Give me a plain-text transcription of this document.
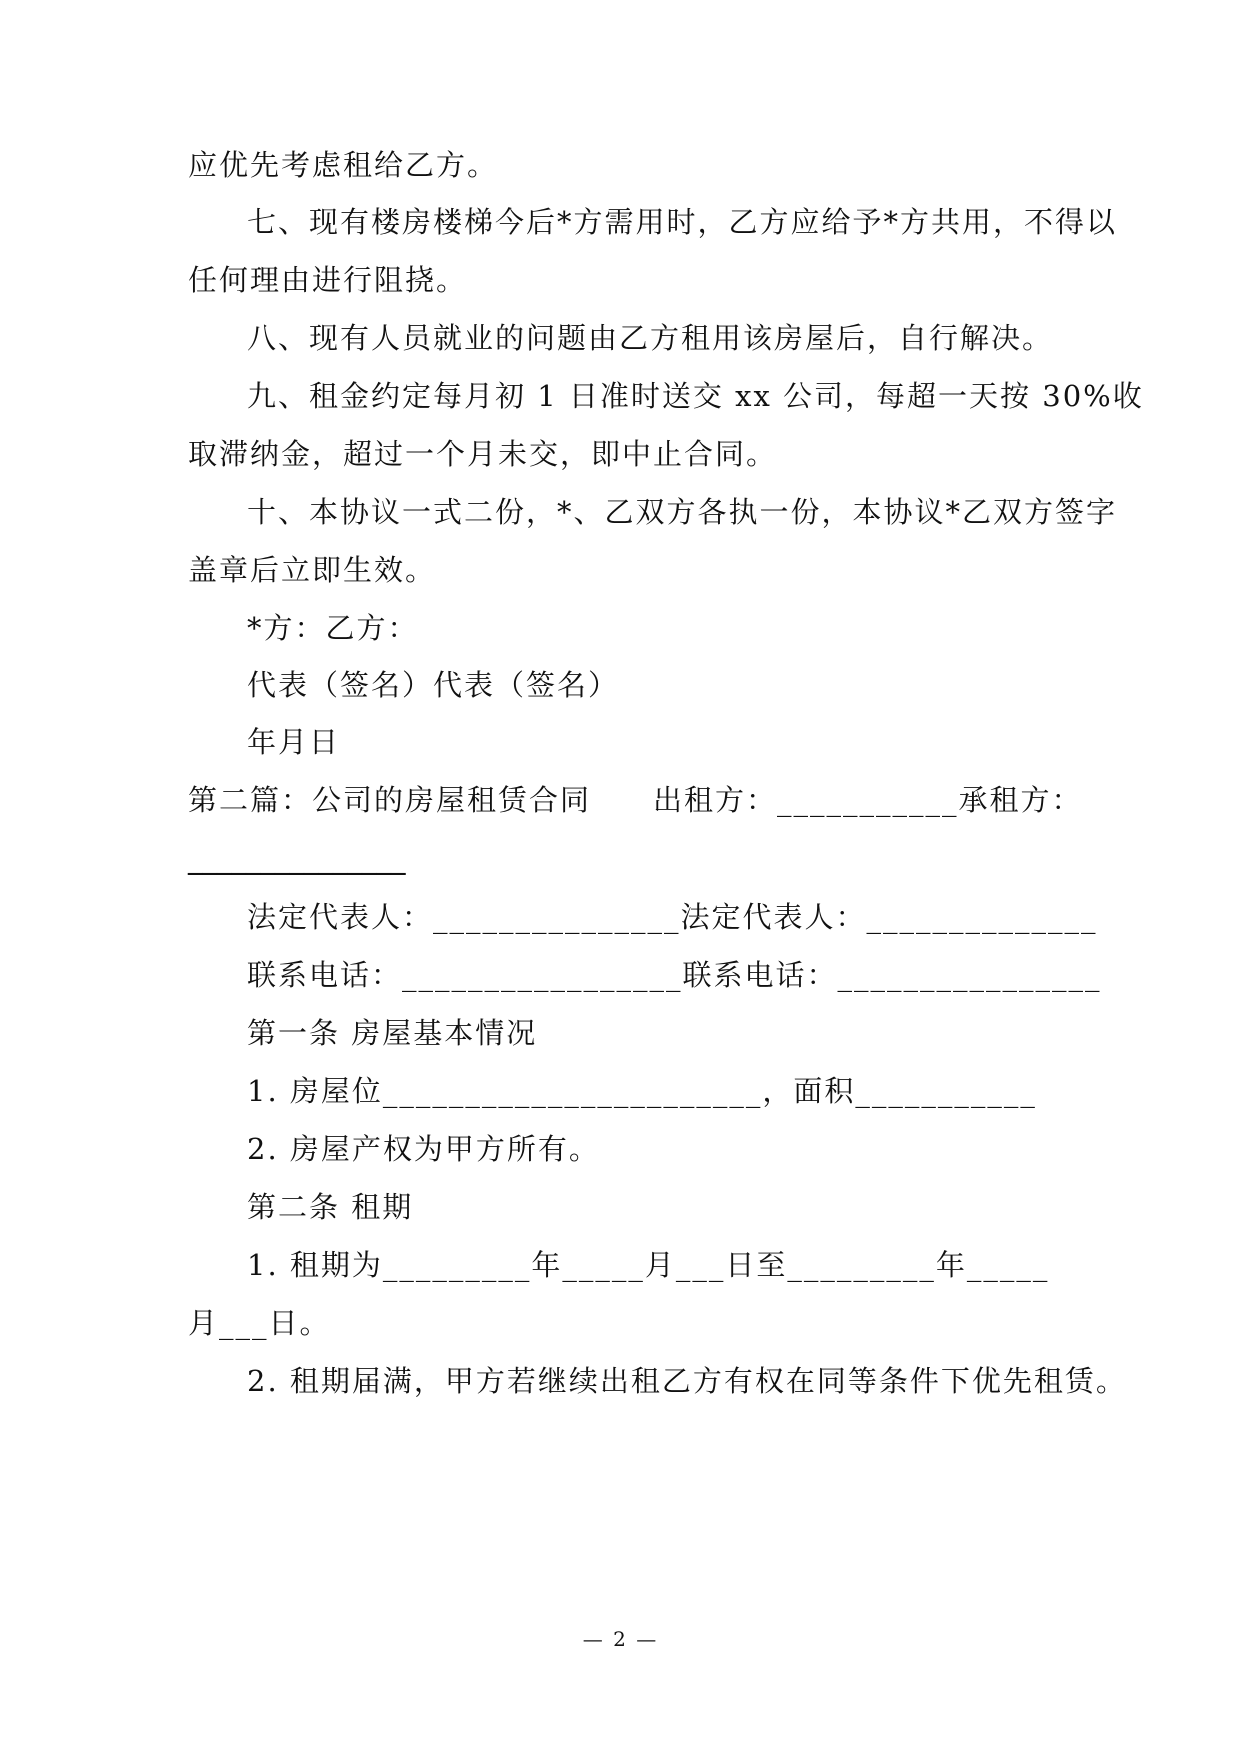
应优先考虑租给乙方。
七、现有楼房楼梯今后*方需用时，乙方应给予*方共用，不得以
任何理由进行阻挠。
八、现有人员就业的问题由乙方租用该房屋后，自行解决。
九、租金约定每月初 1 日准时送交 xx 公司，每超一天按 30%收
取滞纳金，超过一个月未交，即中止合同。
十、本协议一式二份，*、乙双方各执一份，本协议*乙双方签字
盖章后立即生效。
*方：乙方：
代表（签名）代表（签名）
年月日
第二篇：公司的房屋租赁合同 出租方：___________承租方：
_______________
法定代表人：_______________法定代表人：______________
联系电话：_________________联系电话：________________
第一条 房屋基本情况
1. 房屋位_______________________，面积___________
2. 房屋产权为甲方所有。
第二条 租期
1. 租期为_________年_____月___日至_________年_____
月___日。
2. 租期届满，甲方若继续出租乙方有权在同等条件下优先租赁。
— 2 —
